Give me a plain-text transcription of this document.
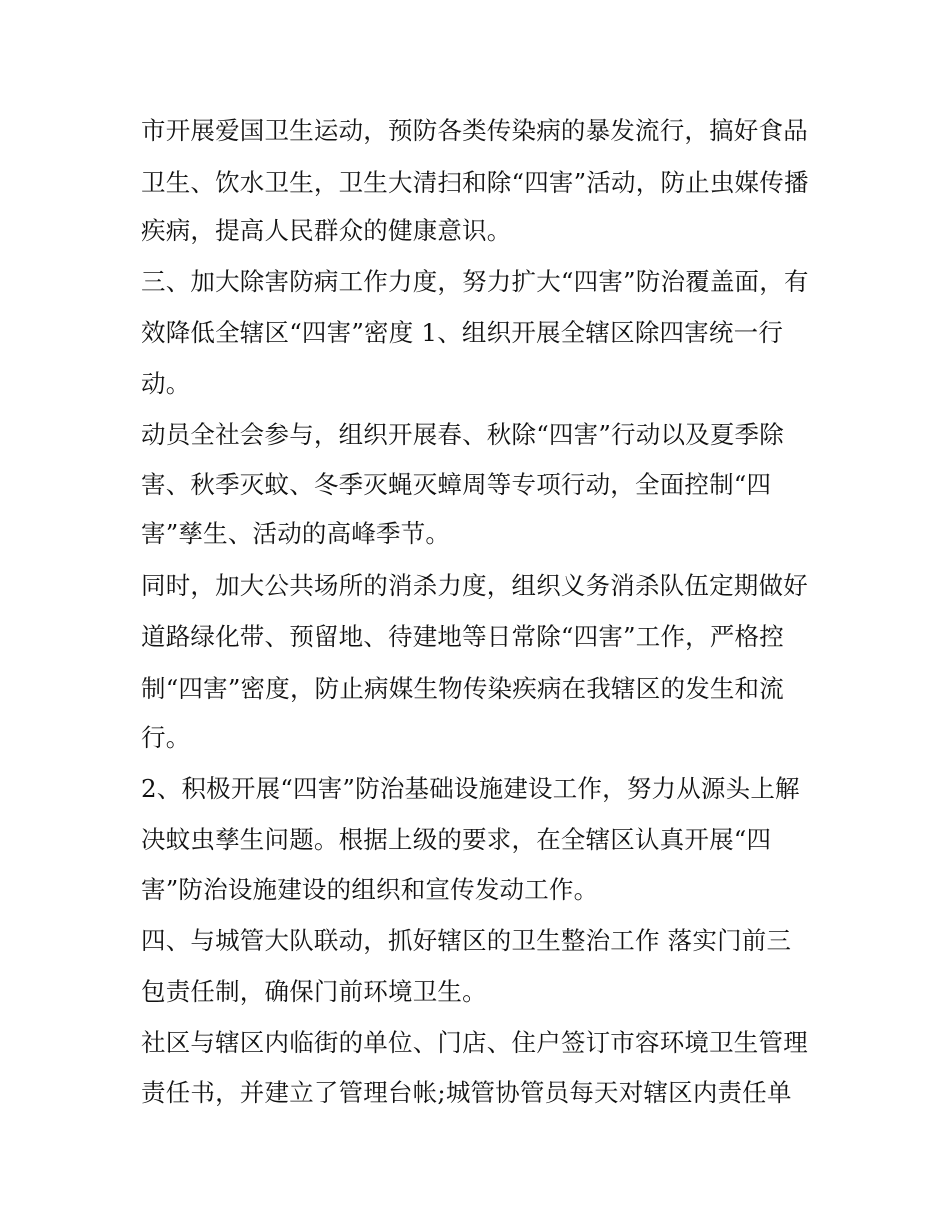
市开展爱国卫生运动，预防各类传染病的暴发流行，搞好食品

卫生、饮水卫生，卫生大清扫和除“四害”活动，防止虫媒传播

疾病，提高人民群众的健康意识。

三、加大除害防病工作力度，努力扩大“四害”防治覆盖面，有

效降低全辖区“四害”密度 1、组织开展全辖区除四害统一行

动。

动员全社会参与，组织开展春、秋除“四害”行动以及夏季除

害、秋季灭蚊、冬季灭蝇灭蟑周等专项行动，全面控制“四

害”孳生、活动的高峰季节。

同时，加大公共场所的消杀力度，组织义务消杀队伍定期做好

道路绿化带、预留地、待建地等日常除“四害”工作，严格控

制“四害”密度，防止病媒生物传染疾病在我辖区的发生和流

行。

2、积极开展“四害”防治基础设施建设工作，努力从源头上解

决蚊虫孳生问题。根据上级的要求，在全辖区认真开展“四

害”防治设施建设的组织和宣传发动工作。

四、与城管大队联动，抓好辖区的卫生整治工作 落实门前三

包责任制，确保门前环境卫生。

社区与辖区内临街的单位、门店、住户签订市容环境卫生管理

责任书，并建立了管理台帐;城管协管员每天对辖区内责任单
